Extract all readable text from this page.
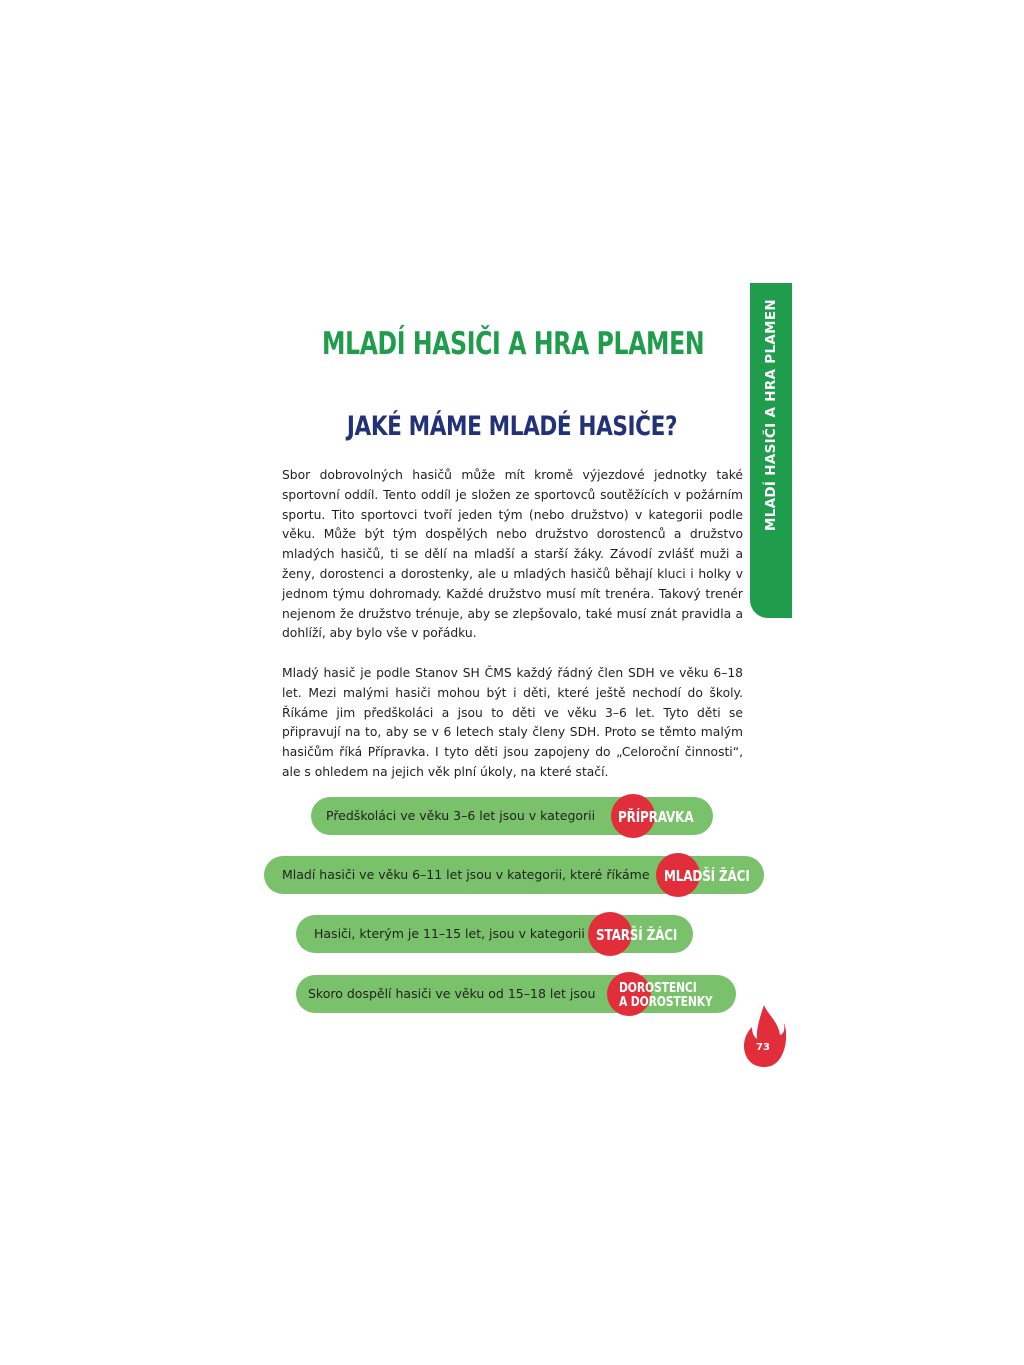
MLADÍ HASIČI A HRA PLAMEN
MLADÍ HASIČI A HRA PLAMEN
JAKÉ MÁME MLADÉ HASIČE?

Sbor dobrovolných hasičů může mít kromě výjezdové jednotky také sportovní oddíl. Tento oddíl je složen ze sportovců soutěžících v požárním sportu. Tito sportovci tvoří jeden tým (nebo družstvo) v kategorii podle věku. Může být tým dospělých nebo družstvo dorostenců a družstvo mladých hasičů, ti se dělí na mladší a starší žáky. Závodí zvlášť muži a ženy, dorostenci a dorostenky, ale u mladých hasičů běhají kluci i holky v jednom týmu dohromady. Každé družstvo musí mít trenéra. Takový trenér nejenom že družstvo trénuje, aby se zlepšovalo, také musí znát pravidla a dohlíží, aby bylo vše v pořádku.

Mladý hasič je podle Stanov SH ČMS každý řádný člen SDH ve věku 6–18 let. Mezi malými hasiči mohou být i děti, které ještě nechodí do školy. Říkáme jim předškoláci a jsou to děti ve věku 3–6 let. Tyto děti se připravují na to, aby se v 6 letech staly členy SDH. Proto se těmto malým hasičům říká Přípravka. I tyto děti jsou zapojeny do „Celoroční činnosti“, ale s ohledem na jejich věk plní úkoly, na které stačí.

Předškoláci ve věku 3–6 let jsou v kategorii PŘÍPRAVKA
Mladí hasiči ve věku 6–11 let jsou v kategorii, které říkáme MLADŠÍ ŽÁCI
Hasiči, kterým je 11–15 let, jsou v kategorii STARŠÍ ŽÁCI
Skoro dospělí hasiči ve věku od 15–18 let jsou DOROSTENCI
A DOROSTENKY
73
